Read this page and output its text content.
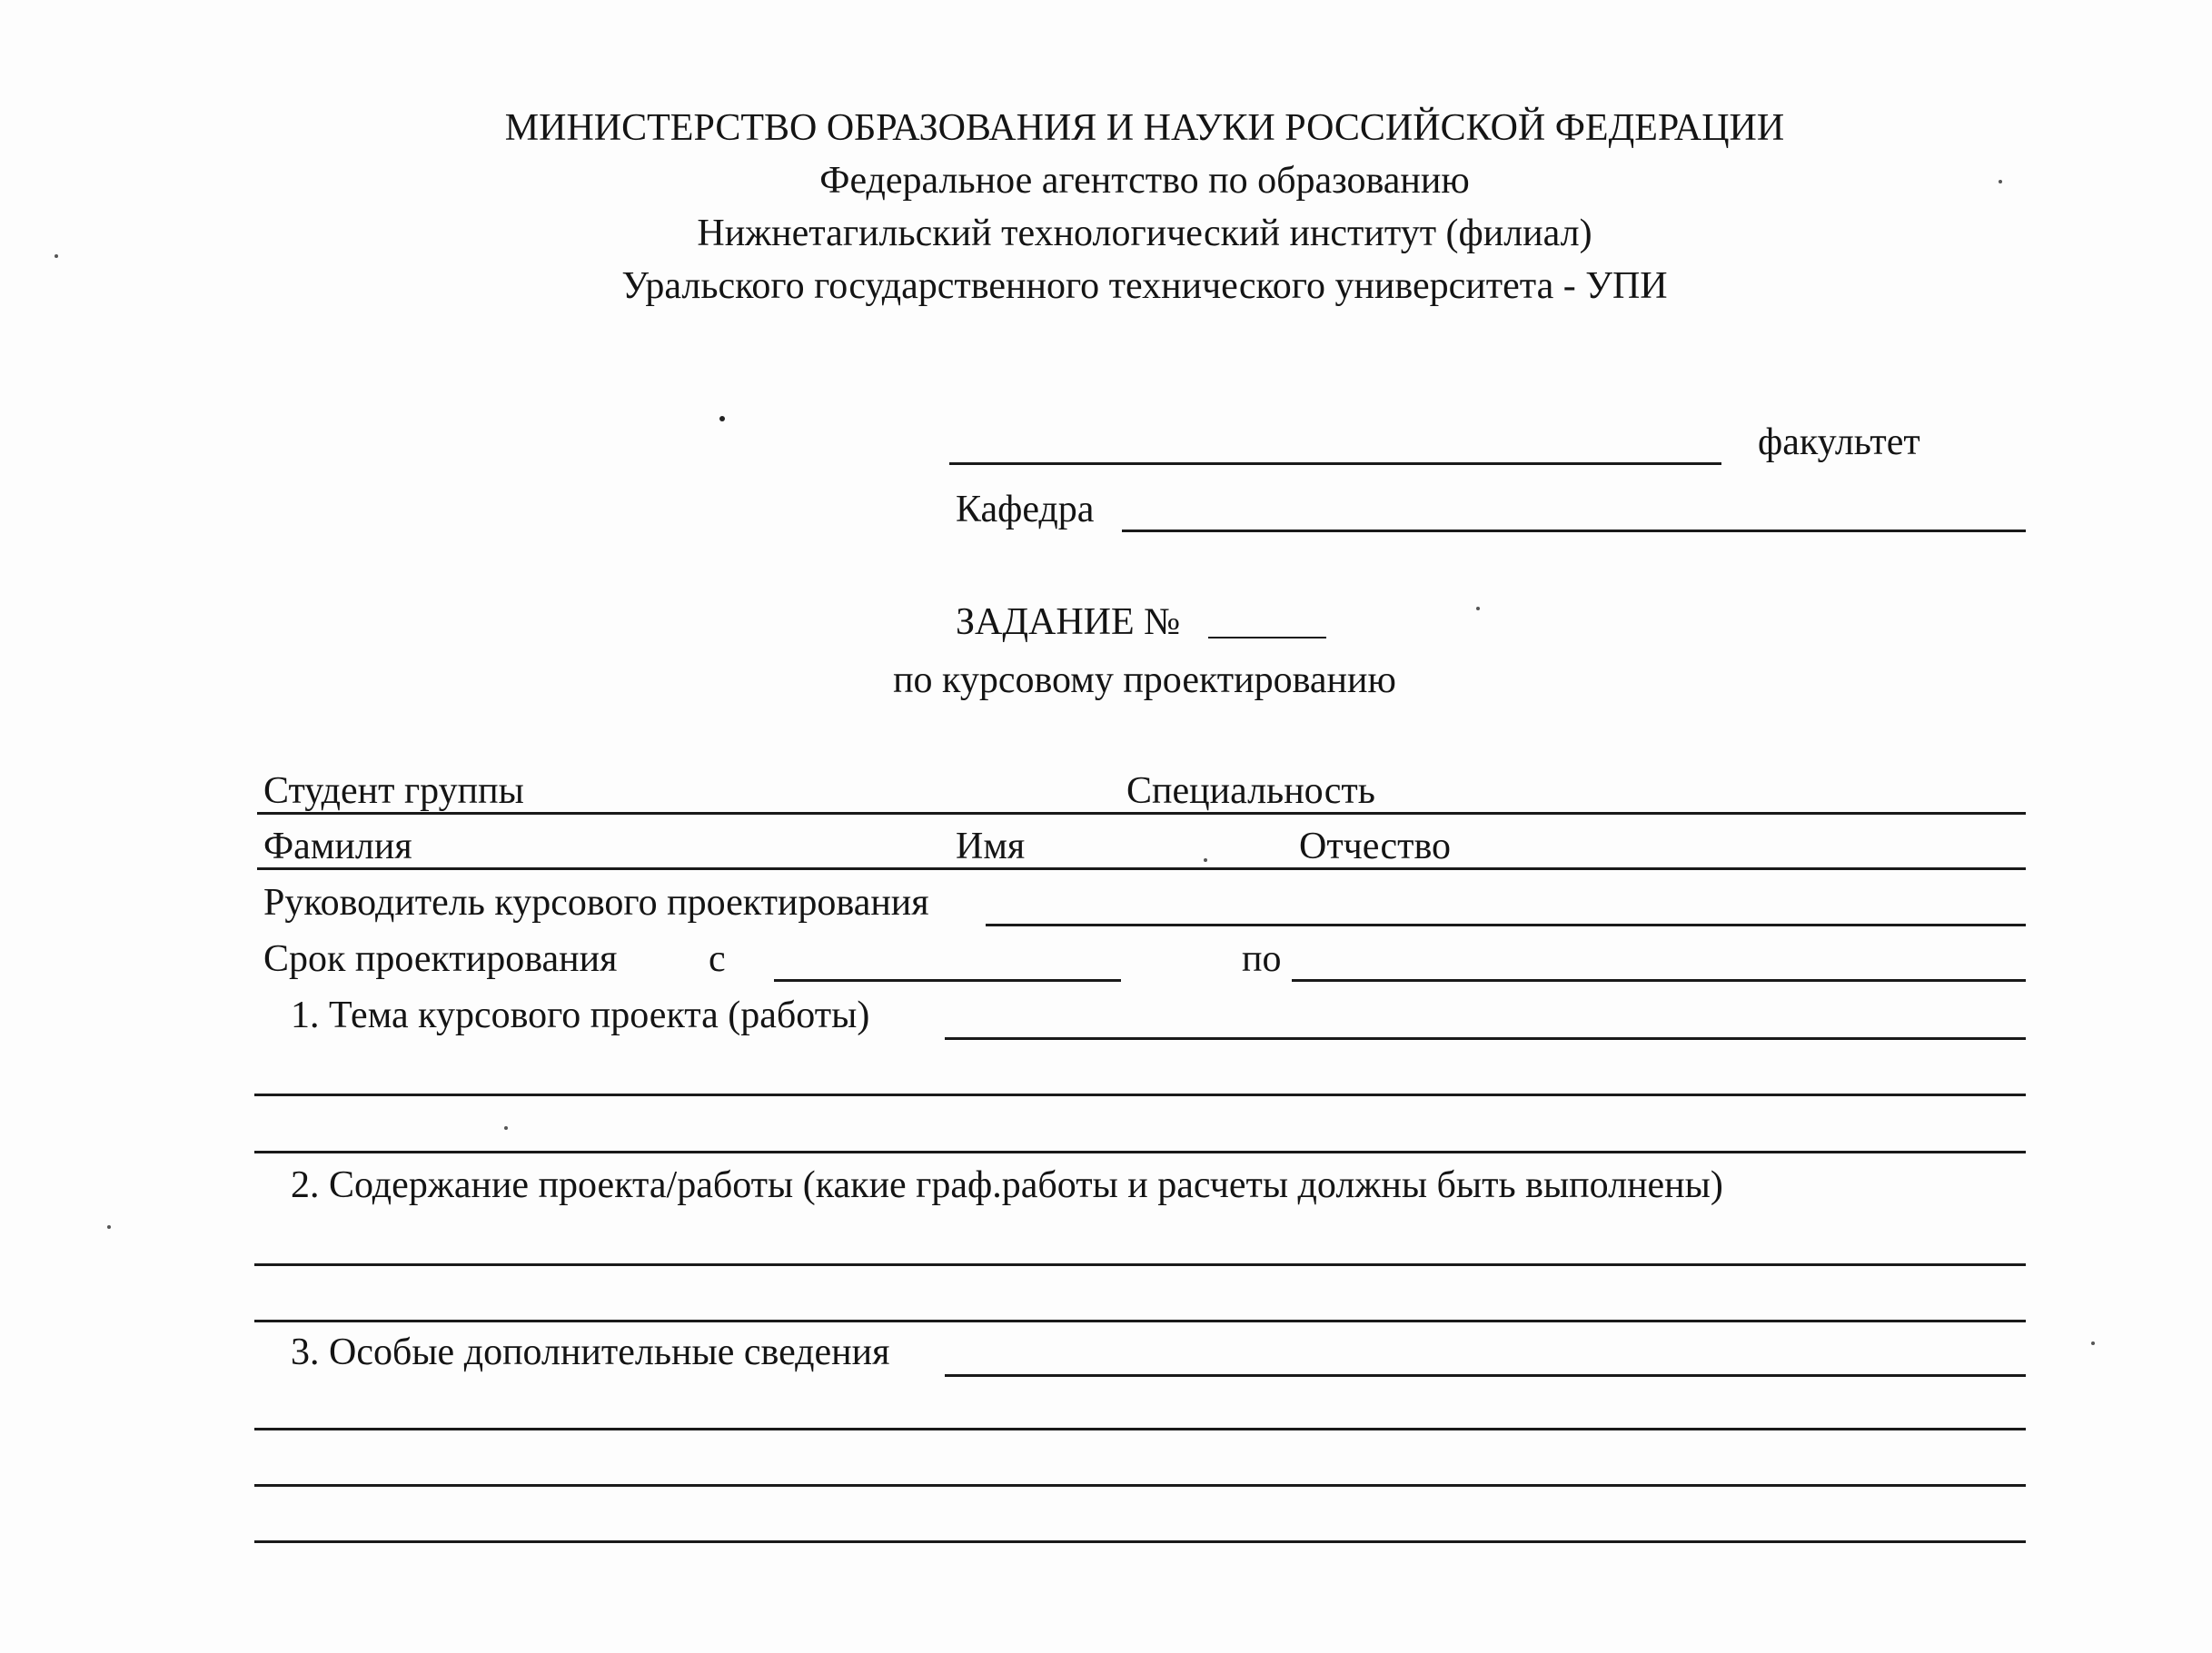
МИНИСТЕРСТВО ОБРАЗОВАНИЯ И НАУКИ РОССИЙСКОЙ ФЕДЕРАЦИИ
Федеральное агентство по образованию
Нижнетагильский технологический институт (филиал)
Уральского государственного технического университета - УПИ
факультет
Кафедра
ЗАДАНИЕ №
по курсовому проектированию
Студент группы	Специальность
Фамилия	Имя	Отчество
Руководитель курсового проектирования
Срок проектирования с	по
1. Тема курсового проекта (работы)
2. Содержание проекта/работы (какие граф.работы и расчеты должны быть выполнены)
3. Особые дополнительные сведения
